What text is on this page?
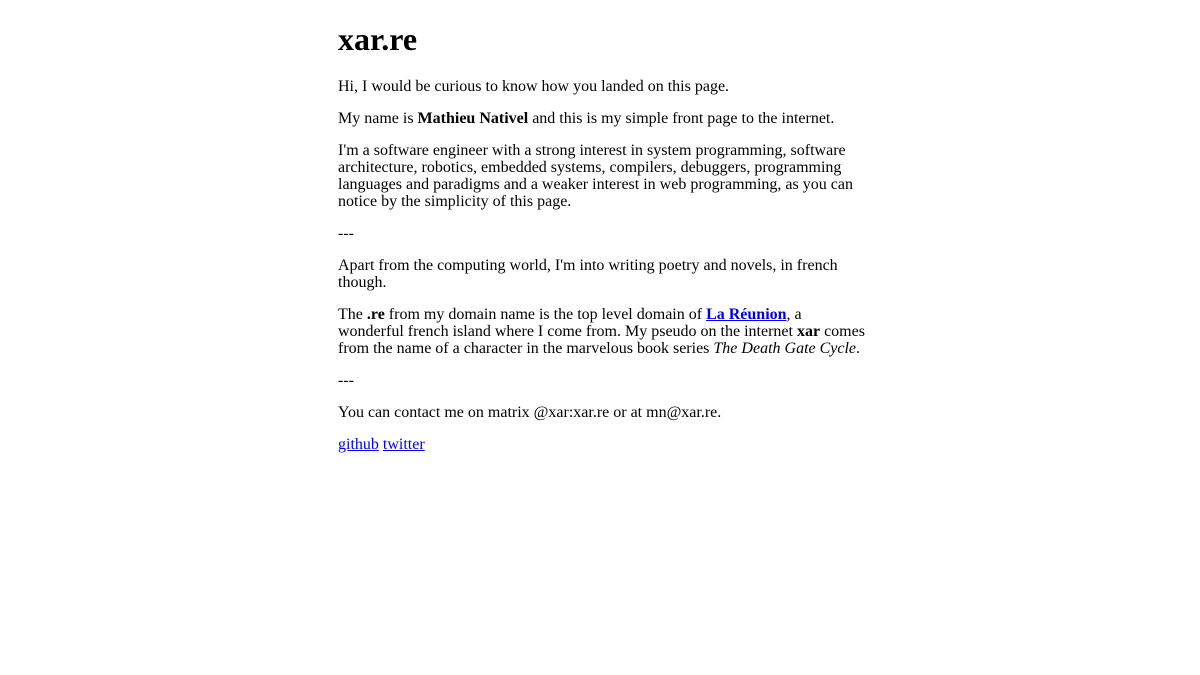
xar.re

Hi, I would be curious to know how you landed on this page.

My name is Mathieu Nativel and this is my simple front page to the internet.

I'm a software engineer with a strong interest in system programming, software architecture, robotics, embedded systems, compilers, debuggers, programming languages and paradigms and a weaker interest in web programming, as you can notice by the simplicity of this page.

---

Apart from the computing world, I'm into writing poetry and novels, in french though.

The .re from my domain name is the top level domain of La Réunion, a wonderful french island where I come from. My pseudo on the internet xar comes from the name of a character in the marvelous book series The Death Gate Cycle.

---

You can contact me on matrix @xar:xar.re or at mn@xar.re.

github twitter
